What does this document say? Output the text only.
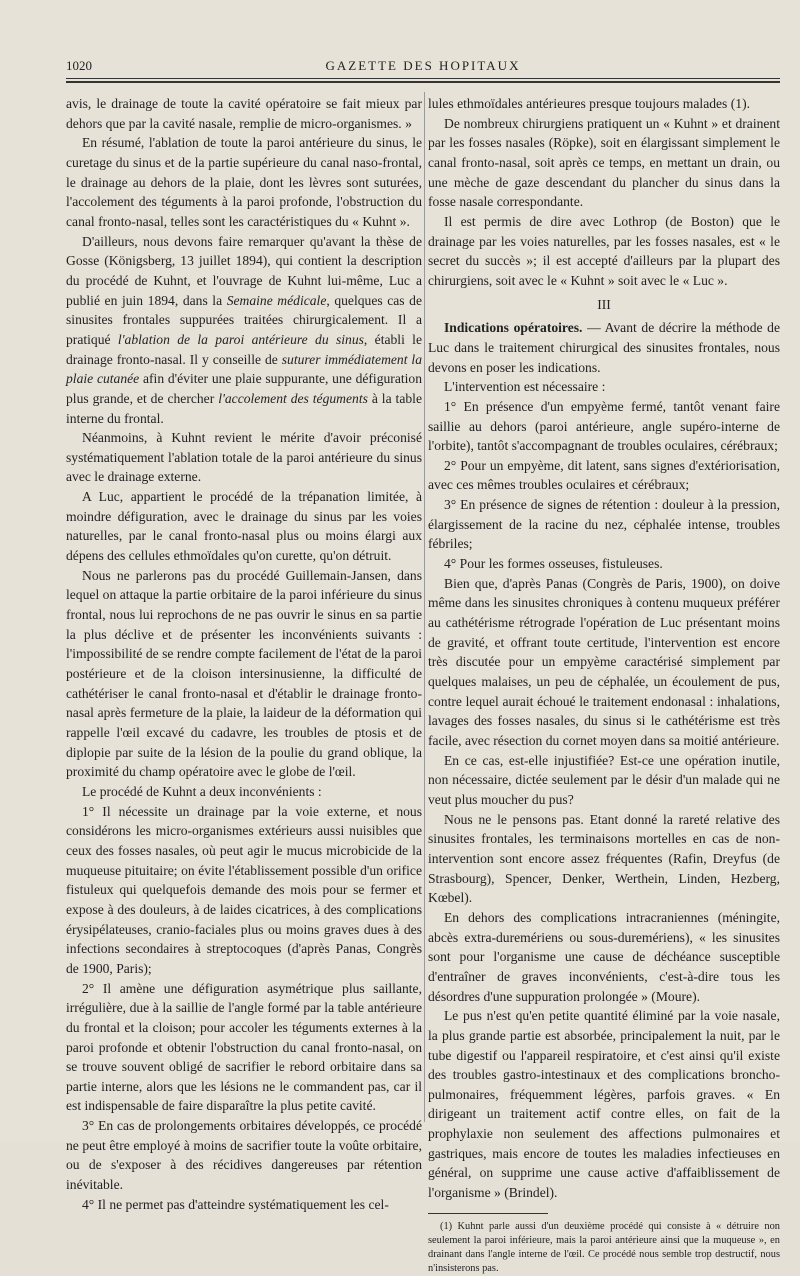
1020	GAZETTE DES HOPITAUX

avis, le drainage de toute la cavité opératoire se fait mieux par dehors que par la cavité nasale, remplie de micro-organismes. »

En résumé, l'ablation de toute la paroi antérieure du sinus, le curetage du sinus et de la partie supérieure du canal naso-frontal, le drainage au dehors de la plaie, dont les lèvres sont suturées, l'accolement des téguments à la paroi profonde, l'obstruction du canal fronto-nasal, telles sont les caractéristiques du « Kuhnt ».

D'ailleurs, nous devons faire remarquer qu'avant la thèse de Gosse (Königsberg, 13 juillet 1894), qui contient la description du procédé de Kuhnt, et l'ouvrage de Kuhnt lui-même, Luc a publié en juin 1894, dans la Semaine médicale, quelques cas de sinusites frontales suppurées traitées chirurgicalement. Il a pratiqué l'ablation de la paroi antérieure du sinus, établi le drainage fronto-nasal. Il y conseille de suturer immédiatement la plaie cutanée afin d'éviter une plaie suppurante, une défiguration plus grande, et de chercher l'accolement des téguments à la table interne du frontal.

Néanmoins, à Kuhnt revient le mérite d'avoir préconisé systématiquement l'ablation totale de la paroi antérieure du sinus avec le drainage externe.

A Luc, appartient le procédé de la trépanation limitée, à moindre défiguration, avec le drainage du sinus par les voies naturelles, par le canal fronto-nasal plus ou moins élargi aux dépens des cellules ethmoïdales qu'on curette, qu'on détruit.

Nous ne parlerons pas du procédé Guillemain-Jansen, dans lequel on attaque la partie orbitaire de la paroi inférieure du sinus frontal, nous lui reprochons de ne pas ouvrir le sinus en sa partie la plus déclive et de présenter les inconvénients suivants : l'impossibilité de se rendre compte facilement de l'état de la paroi postérieure et de la cloison intersinusienne, la difficulté de cathétériser le canal fronto-nasal et d'établir le drainage fronto-nasal après fermeture de la plaie, la laideur de la déformation qui rappelle l'œil excavé du cadavre, les troubles de ptosis et de diplopie par suite de la lésion de la poulie du grand oblique, la proximité du champ opératoire avec le globe de l'œil.

Le procédé de Kuhnt a deux inconvénients :

1° Il nécessite un drainage par la voie externe, et nous considérons les micro-organismes extérieurs aussi nuisibles que ceux des fosses nasales, où peut agir le mucus microbicide de la muqueuse pituitaire; on évite l'établissement possible d'un orifice fistuleux qui quelquefois demande des mois pour se fermer et expose à des douleurs, à de laides cicatrices, à des complications érysipélateuses, cranio-faciales plus ou moins graves dues à des infections secondaires à streptocoques (d'après Panas, Congrès de 1900, Paris);

2° Il amène une défiguration asymétrique plus saillante, irrégulière, due à la saillie de l'angle formé par la table antérieure du frontal et la cloison; pour accoler les téguments externes à la paroi profonde et obtenir l'obstruction du canal fronto-nasal, on se trouve souvent obligé de sacrifier le rebord orbitaire dans sa partie interne, alors que les lésions ne le commandent pas, car il est indispensable de faire disparaître la plus petite cavité.

3° En cas de prolongements orbitaires développés, ce procédé ne peut être employé à moins de sacrifier toute la voûte orbitaire, ou de s'exposer à des récidives dangereuses par rétention inévitable.

4° Il ne permet pas d'atteindre systématiquement les cel-

lules ethmoïdales antérieures presque toujours malades (1).

De nombreux chirurgiens pratiquent un « Kuhnt » et drainent par les fosses nasales (Röpke), soit en élargissant simplement le canal fronto-nasal, soit après ce temps, en mettant un drain, ou une mèche de gaze descendant du plancher du sinus dans la fosse nasale correspondante.

Il est permis de dire avec Lothrop (de Boston) que le drainage par les voies naturelles, par les fosses nasales, est « le secret du succès »; il est accepté d'ailleurs par la plupart des chirurgiens, soit avec le « Kuhnt » soit avec le « Luc ».

III

Indications opératoires. — Avant de décrire la méthode de Luc dans le traitement chirurgical des sinusites frontales, nous devons en poser les indications.

L'intervention est nécessaire :

1° En présence d'un empyème fermé, tantôt venant faire saillie au dehors (paroi antérieure, angle supéro-interne de l'orbite), tantôt s'accompagnant de troubles oculaires, cérébraux;

2° Pour un empyème, dit latent, sans signes d'extériorisation, avec ces mêmes troubles oculaires et cérébraux;

3° En présence de signes de rétention : douleur à la pression, élargissement de la racine du nez, céphalée intense, troubles fébriles;

4° Pour les formes osseuses, fistuleuses.

Bien que, d'après Panas (Congrès de Paris, 1900), on doive même dans les sinusites chroniques à contenu muqueux préférer au cathétérisme rétrograde l'opération de Luc présentant moins de gravité, et offrant toute certitude, l'intervention est encore très discutée pour un empyème caractérisé simplement par quelques malaises, un peu de céphalée, un écoulement de pus, contre lequel aurait échoué le traitement endonasal : inhalations, lavages des fosses nasales, du sinus si le cathétérisme est très facile, avec résection du cornet moyen dans sa moitié antérieure.

En ce cas, est-elle injustifiée? Est-ce une opération inutile, non nécessaire, dictée seulement par le désir d'un malade qui ne veut plus moucher du pus?

Nous ne le pensons pas. Etant donné la rareté relative des sinusites frontales, les terminaisons mortelles en cas de non-intervention sont encore assez fréquentes (Rafin, Dreyfus (de Strasbourg), Spencer, Denker, Werthein, Linden, Hezberg, Kœbel).

En dehors des complications intracraniennes (méningite, abcès extra-duremériens ou sous-duremériens), « les sinusites sont pour l'organisme une cause de déchéance susceptible d'entraîner de graves inconvénients, c'est-à-dire tous les désordres d'une suppuration prolongée » (Moure).

Le pus n'est qu'en petite quantité éliminé par la voie nasale, la plus grande partie est absorbée, principalement la nuit, par le tube digestif ou l'appareil respiratoire, et c'est ainsi qu'il existe des troubles gastro-intestinaux et des complications broncho-pulmonaires, fréquemment légères, parfois graves. « En dirigeant un traitement actif contre elles, on fait de la prophylaxie non seulement des affections pulmonaires et gastriques, mais encore de toutes les maladies infectieuses en général, on supprime une cause active d'affaiblissement de l'organisme » (Brindel).

(1) Kuhnt parle aussi d'un deuxième procédé qui consiste à « détruire non seulement la paroi inférieure, mais la paroi antérieure ainsi que la muqueuse », en drainant dans l'angle interne de l'œil. Ce procédé nous semble trop destructif, nous n'insisterons pas.
